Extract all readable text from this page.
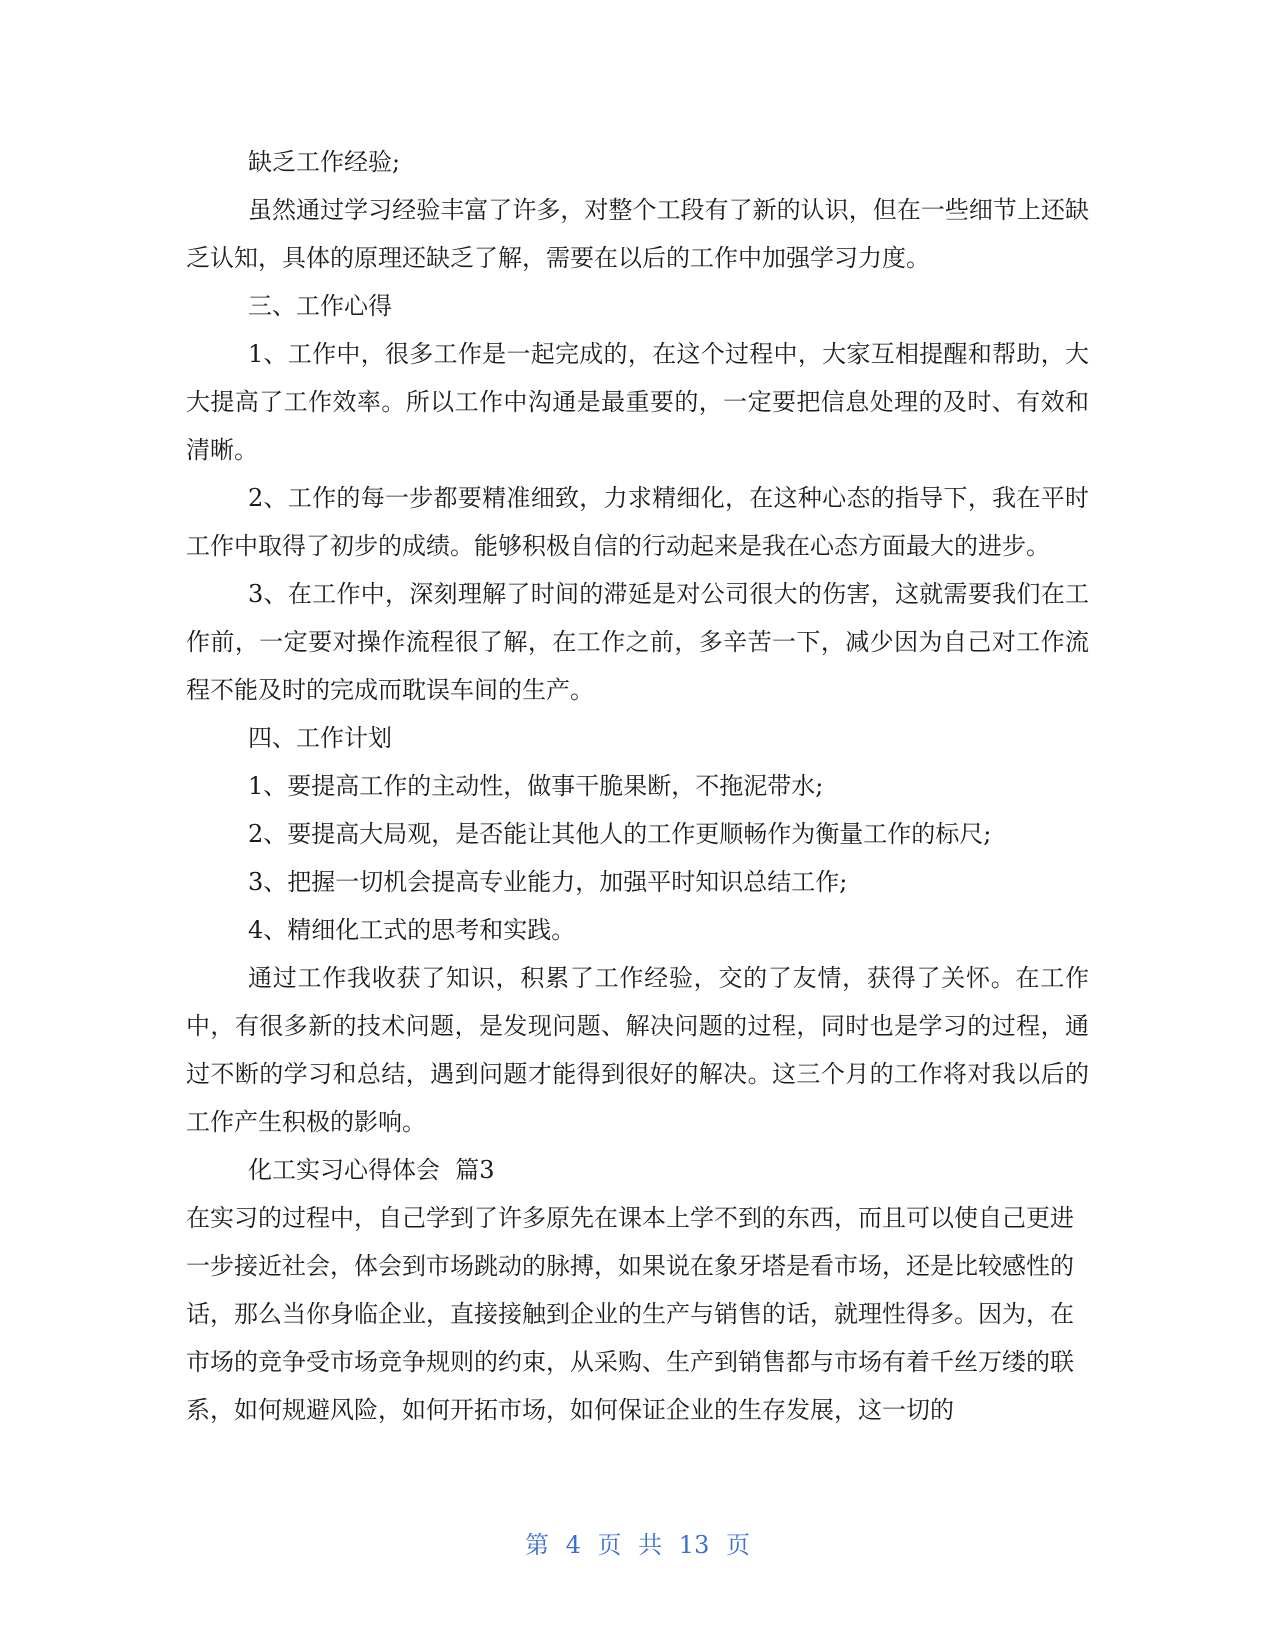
缺乏工作经验;

虽然通过学习经验丰富了许多，对整个工段有了新的认识，但在一些细节上还缺乏认知，具体的原理还缺乏了解，需要在以后的工作中加强学习力度。

三、工作心得

1、工作中，很多工作是一起完成的，在这个过程中，大家互相提醒和帮助，大大提高了工作效率。所以工作中沟通是最重要的，一定要把信息处理的及时、有效和清晰。

2、工作的每一步都要精准细致，力求精细化，在这种心态的指导下，我在平时工作中取得了初步的成绩。能够积极自信的行动起来是我在心态方面最大的进步。

3、在工作中，深刻理解了时间的滞延是对公司很大的伤害，这就需要我们在工作前，一定要对操作流程很了解，在工作之前，多辛苦一下，减少因为自己对工作流程不能及时的完成而耽误车间的生产。

四、工作计划

1、要提高工作的主动性，做事干脆果断，不拖泥带水;

2、要提高大局观，是否能让其他人的工作更顺畅作为衡量工作的标尺;

3、把握一切机会提高专业能力，加强平时知识总结工作;

4、精细化工式的思考和实践。

通过工作我收获了知识，积累了工作经验，交的了友情，获得了关怀。在工作中，有很多新的技术问题，是发现问题、解决问题的过程，同时也是学习的过程，通过不断的学习和总结，遇到问题才能得到很好的解决。这三个月的工作将对我以后的工作产生积极的影响。

化工实习心得体会  篇3

在实习的过程中，自己学到了许多原先在课本上学不到的东西，而且可以使自己更进一步接近社会，体会到市场跳动的脉搏，如果说在象牙塔是看市场，还是比较感性的话，那么当你身临企业，直接接触到企业的生产与销售的话，就理性得多。因为，在市场的竞争受市场竞争规则的约束，从采购、生产到销售都与市场有着千丝万缕的联系，如何规避风险，如何开拓市场，如何保证企业的生存发展，这一切的

第 4 页 共 13 页
